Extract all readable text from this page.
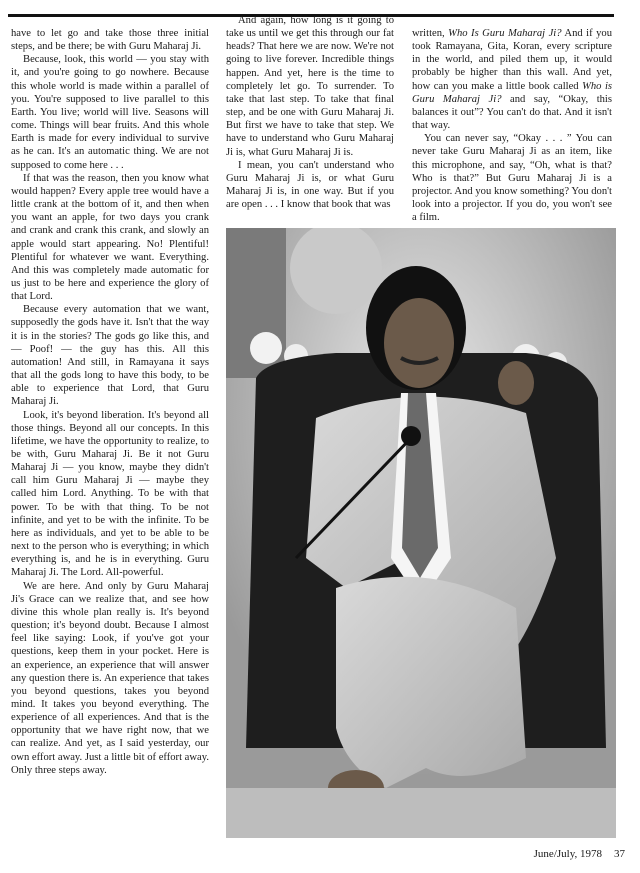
have to let go and take those three initial steps, and be there; be with Guru Maharaj Ji.

Because, look, this world — you stay with it, and you're going to go nowhere. Because this whole world is made within a parallel of you. You're supposed to live parallel to this Earth. You live; world will live. Seasons will come. Things will bear fruits. And this whole Earth is made for every individual to survive as he can. It's an automatic thing. We are not supposed to come here . . .

If that was the reason, then you know what would happen? Every apple tree would have a little crank at the bottom of it, and then when you want an apple, for two days you crank and crank and crank this crank, and slowly an apple would start appearing. No! Plentiful! Plentiful for whatever we want. Everything. And this was completely made automatic for us just to be here and experience the glory of that Lord.

Because every automation that we want, supposedly the gods have it. Isn't that the way it is in the stories? The gods go like this, and — Poof! — the guy has this. All this automation! And still, in Ramayana it says that all the gods long to have this body, to be able to experience that Lord, that Guru Maharaj Ji.

Look, it's beyond liberation. It's beyond all those things. Beyond all our concepts. In this lifetime, we have the opportunity to realize, to be with, Guru Maharaj Ji. Be it not Guru Maharaj Ji — you know, maybe they didn't call him Guru Maharaj Ji — maybe they called him Lord. Anything. To be with that power. To be with that thing. To be not infinite, and yet to be with the infinite. To be here as individuals, and yet to be able to be next to the person who is everything; in which everything is, and he is in everything. Guru Maharaj Ji. The Lord. All-powerful.

We are here. And only by Guru Maharaj Ji's Grace can we realize that, and see how divine this whole plan really is. It's beyond question; it's beyond doubt. Because I almost feel like saying: Look, if you've got your questions, keep them in your pocket. Here is an experience, an experience that will answer any question there is. An experience that takes you beyond questions, takes you beyond mind. It takes you beyond everything. The experience of all experiences. And that is the opportunity that we have right now, that we can realize. And yet, as I said yesterday, our own effort away. Just a little bit of effort away. Only three steps away.

And again, how long is it going to take us until we get this through our fat heads? That here we are now. We're not going to live forever. Incredible things happen. And yet, here is the time to completely let go. To surrender. To take that last step. To take that final step, and be one with Guru Maharaj Ji. But first we have to take that step. We have to understand who Guru Maharaj Ji is, what Guru Maharaj Ji is.

I mean, you can't understand who Guru Maharaj Ji is, or what Guru Maharaj Ji is, in one way. But if you are open . . . I know that book that was

written, Who Is Guru Maharaj Ji? And if you took Ramayana, Gita, Koran, every scripture in the world, and piled them up, it would probably be higher than this wall. And yet, how can you make a little book called Who is Guru Maharaj Ji? and say, “Okay, this balances it out”? You can't do that. And it isn't that way.

You can never say, “Okay . . . ” You can never take Guru Maharaj Ji as an item, like this microphone, and say, “Oh, what is that? Who is that?” But Guru Maharaj Ji is a projector. And you know something? You don't look into a projector. If you do, you won't see a film.

June/July, 1978 37
